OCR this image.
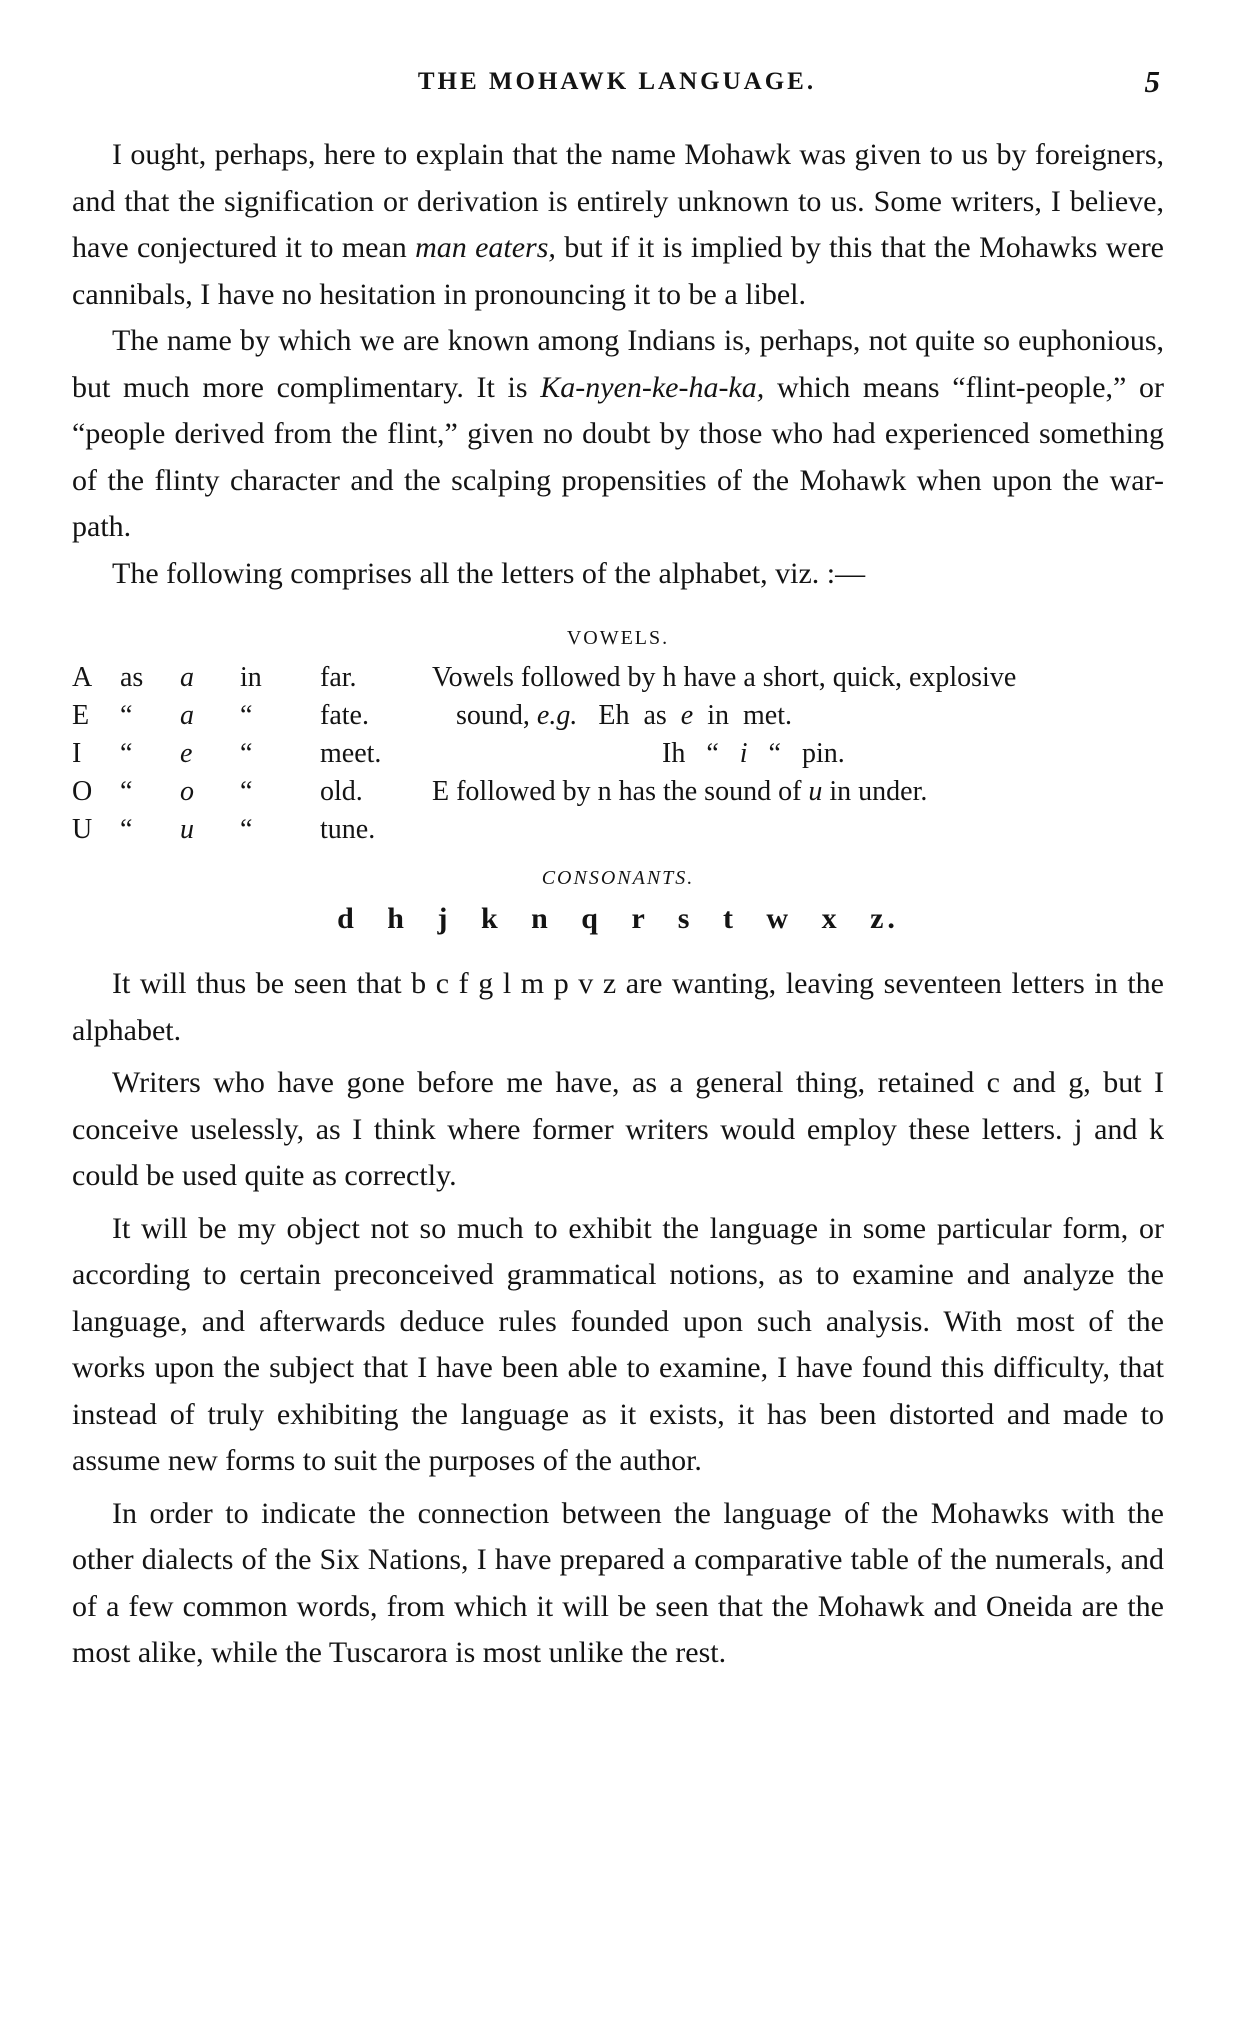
THE MOHAWK LANGUAGE.	5

I ought, perhaps, here to explain that the name Mohawk was given to us by foreigners, and that the signification or derivation is entirely unknown to us. Some writers, I believe, have conjectured it to mean man eaters, but if it is implied by this that the Mohawks were cannibals, I have no hesitation in pronouncing it to be a libel.

The name by which we are known among Indians is, perhaps, not quite so euphonious, but much more complimentary. It is Ka-nyen-ke-ha-ka, which means “flint-people,” or “people derived from the flint,” given no doubt by those who had experienced something of the flinty character and the scalping propensities of the Mohawk when upon the war-path.

The following comprises all the letters of the alphabet, viz. :—

VOWELS.
A as	a	in	far.
E	“	a	“	fate.
I	“	e	“	meet.
O “	o	“	old.
U “	u	“	tune.
Vowels followed by h have a short, quick, explosive
sound, e.g.   Eh  as  e  in  met.
Ih   “   i   “   pin.
E followed by n has the sound of u in under.
CONSONANTS.
d h j k n q r s t w x z.

It will thus be seen that b c f g l m p v z are wanting, leaving seventeen letters in the alphabet.

Writers who have gone before me have, as a general thing, retained c and g, but I conceive uselessly, as I think where former writers would employ these letters. j and k could be used quite as correctly.

It will be my object not so much to exhibit the language in some particular form, or according to certain preconceived grammatical notions, as to examine and analyze the language, and afterwards deduce rules founded upon such analysis. With most of the works upon the subject that I have been able to examine, I have found this difficulty, that instead of truly exhibiting the language as it exists, it has been distorted and made to assume new forms to suit the purposes of the author.

In order to indicate the connection between the language of the Mohawks with the other dialects of the Six Nations, I have prepared a comparative table of the numerals, and of a few common words, from which it will be seen that the Mohawk and Oneida are the most alike, while the Tuscarora is most unlike the rest.
